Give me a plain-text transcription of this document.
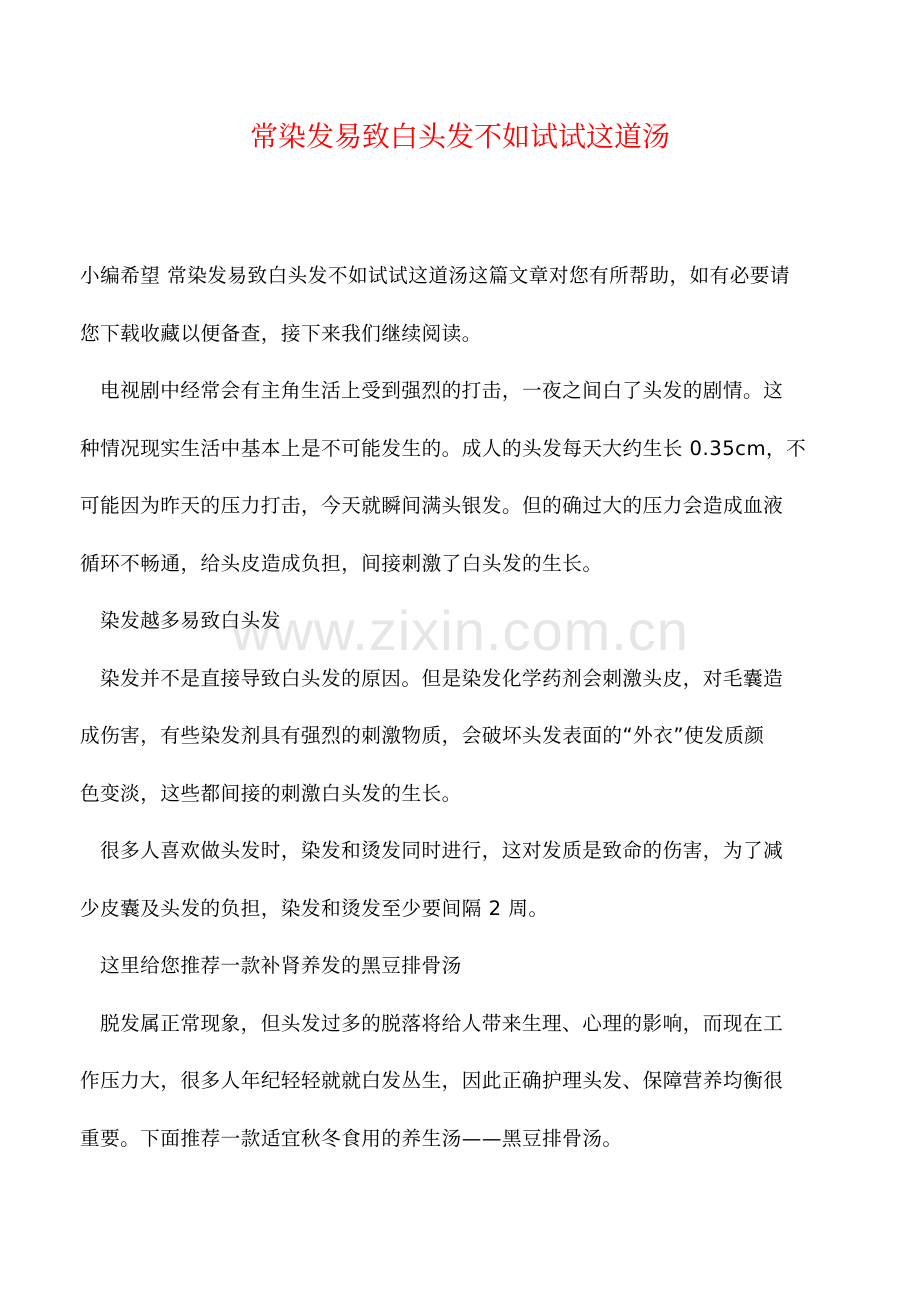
常染发易致白头发不如试试这道汤
www.zixin.com.cn

小编希望 常染发易致白头发不如试试这道汤这篇文章对您有所帮助，如有必要请
您下载收藏以便备查，接下来我们继续阅读。

电视剧中经常会有主角生活上受到强烈的打击，一夜之间白了头发的剧情。这
种情况现实生活中基本上是不可能发生的。成人的头发每天大约生长 0.35cm，不
可能因为昨天的压力打击，今天就瞬间满头银发。但的确过大的压力会造成血液
循环不畅通，给头皮造成负担，间接刺激了白头发的生长。

染发越多易致白头发

染发并不是直接导致白头发的原因。但是染发化学药剂会刺激头皮，对毛囊造
成伤害，有些染发剂具有强烈的刺激物质，会破坏头发表面的“外衣”使发质颜
色变淡，这些都间接的刺激白头发的生长。

很多人喜欢做头发时，染发和烫发同时进行，这对发质是致命的伤害，为了减
少皮囊及头发的负担，染发和烫发至少要间隔 2 周。

这里给您推荐一款补肾养发的黑豆排骨汤

脱发属正常现象，但头发过多的脱落将给人带来生理、心理的影响，而现在工
作压力大，很多人年纪轻轻就就白发丛生，因此正确护理头发、保障营养均衡很
重要。下面推荐一款适宜秋冬食用的养生汤——黑豆排骨汤。
